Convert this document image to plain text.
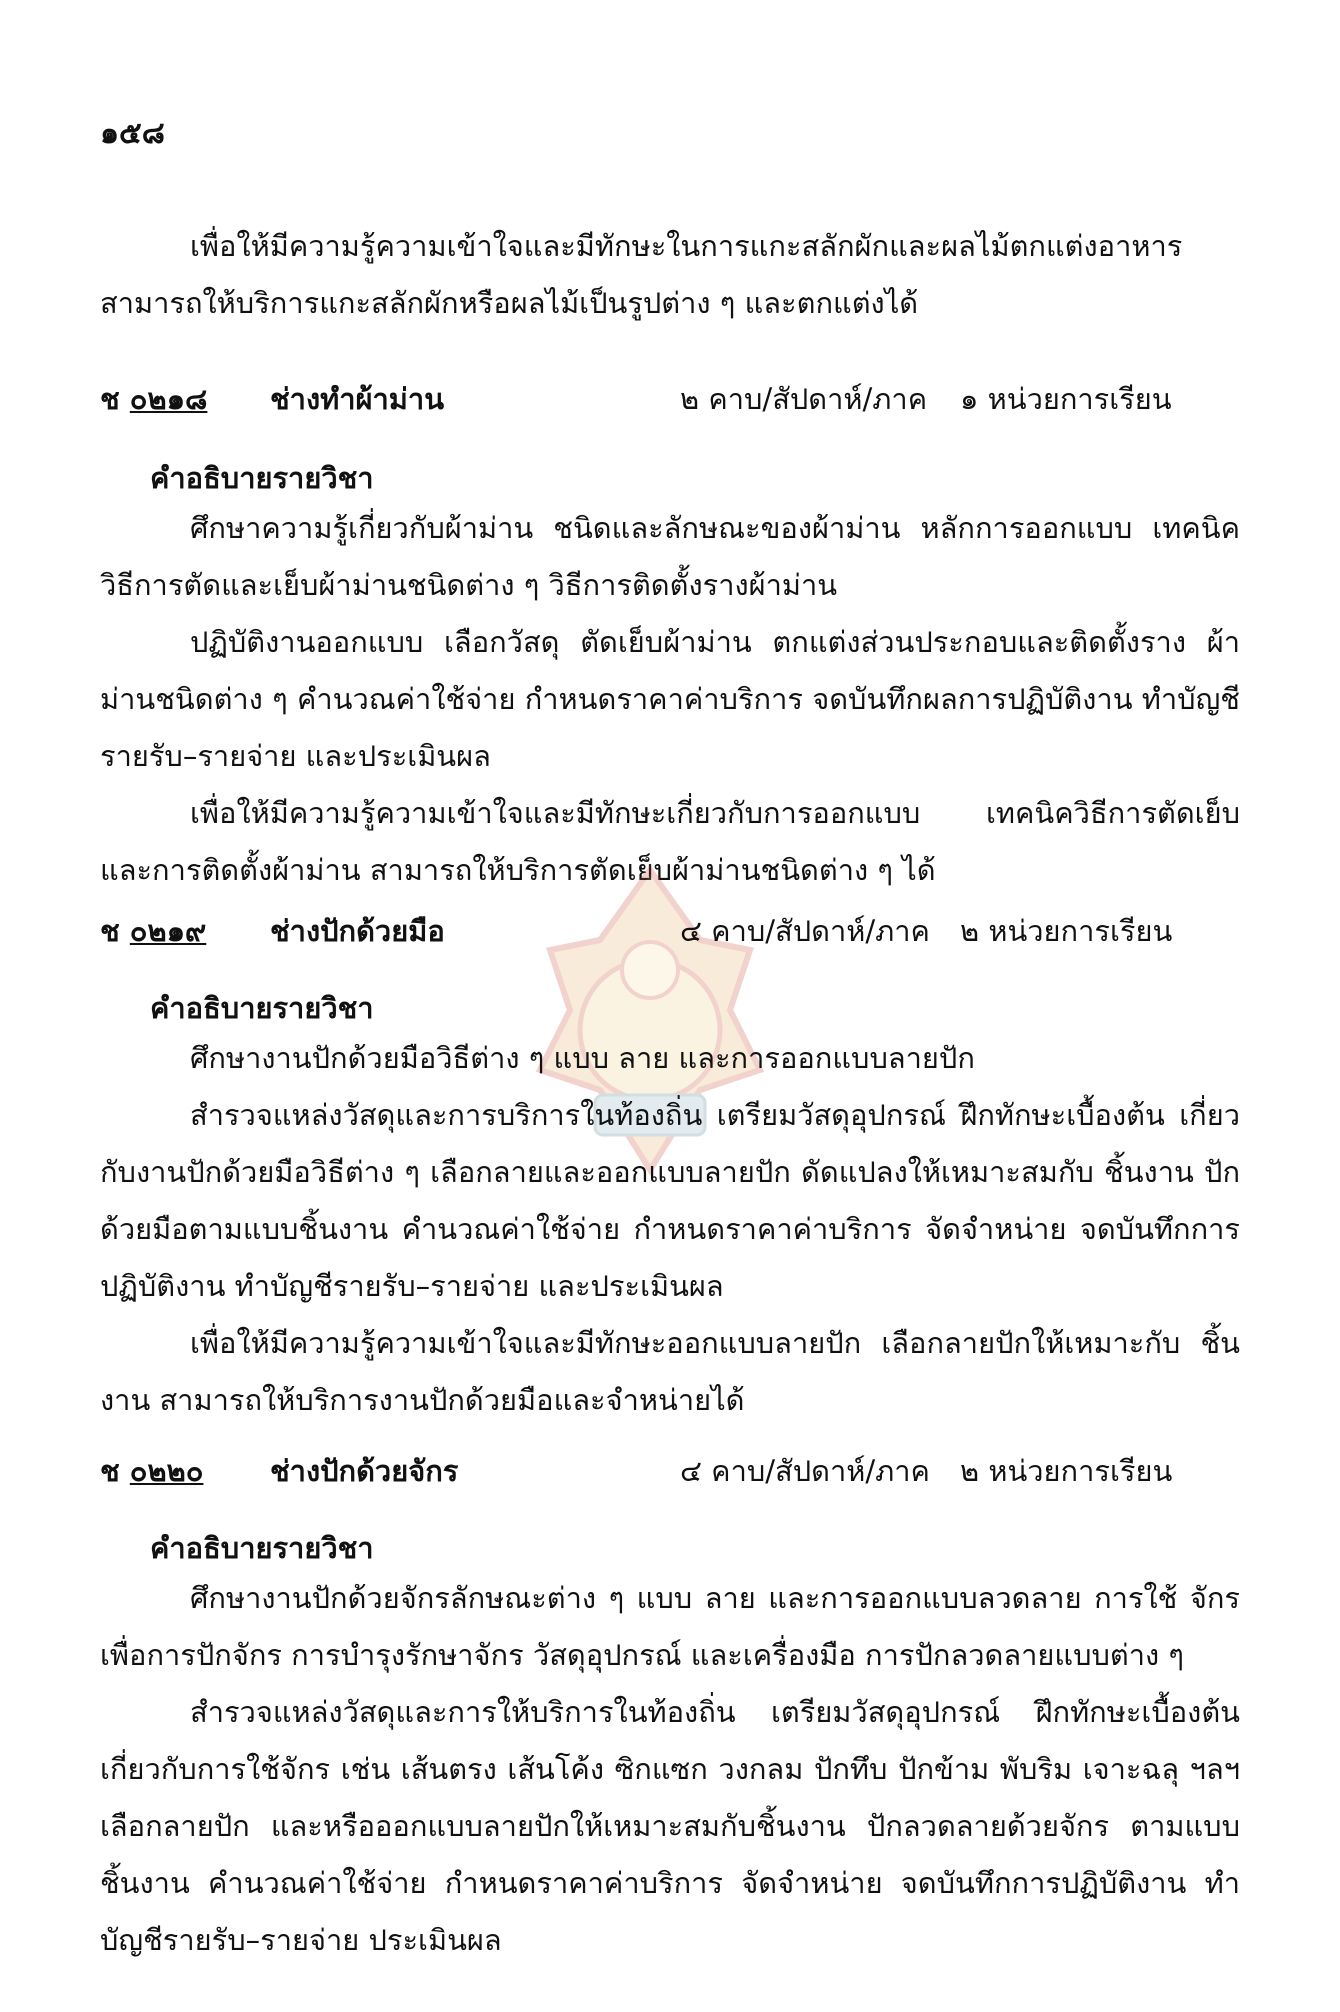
๑๕๘

เพื่อให้มีความรู้ความเข้าใจและมีทักษะในการแกะสลักผักและผลไม้ตกแต่งอาหาร สามารถให้บริการแกะสลักผักหรือผลไม้เป็นรูปต่าง ๆ และตกแต่งได้

ช ๐๒๑๘ ช่างทำผ้าม่าน	๒ คาบ/สัปดาห์/ภาค ๑ หน่วยการเรียน
คำอธิบายรายวิชา

ศึกษาความรู้เกี่ยวกับผ้าม่าน ชนิดและลักษณะของผ้าม่าน หลักการออกแบบ เทคนิค วิธีการตัดและเย็บผ้าม่านชนิดต่าง ๆ วิธีการติดตั้งรางผ้าม่าน

ปฏิบัติงานออกแบบ เลือกวัสดุ ตัดเย็บผ้าม่าน ตกแต่งส่วนประกอบและติดตั้งราง ผ้าม่านชนิดต่าง ๆ คำนวณค่าใช้จ่าย กำหนดราคาค่าบริการ จดบันทึกผลการปฏิบัติงาน ทำบัญชีรายรับ–รายจ่าย และประเมินผล

เพื่อให้มีความรู้ความเข้าใจและมีทักษะเกี่ยวกับการออกแบบ เทคนิควิธีการตัดเย็บ และการติดตั้งผ้าม่าน สามารถให้บริการตัดเย็บผ้าม่านชนิดต่าง ๆ ได้

ช ๐๒๑๙ ช่างปักด้วยมือ	๔ คาบ/สัปดาห์/ภาค ๒ หน่วยการเรียน
คำอธิบายรายวิชา

ศึกษางานปักด้วยมือวิธีต่าง ๆ แบบ ลาย และการออกแบบลายปัก

สำรวจแหล่งวัสดุและการบริการในท้องถิ่น เตรียมวัสดุอุปกรณ์ ฝึกทักษะเบื้องต้น เกี่ยวกับงานปักด้วยมือวิธีต่าง ๆ เลือกลายและออกแบบลายปัก ดัดแปลงให้เหมาะสมกับ ชิ้นงาน ปักด้วยมือตามแบบชิ้นงาน คำนวณค่าใช้จ่าย กำหนดราคาค่าบริการ จัดจำหน่าย จดบันทึกการปฏิบัติงาน ทำบัญชีรายรับ–รายจ่าย และประเมินผล

เพื่อให้มีความรู้ความเข้าใจและมีทักษะออกแบบลายปัก เลือกลายปักให้เหมาะกับ ชิ้นงาน สามารถให้บริการงานปักด้วยมือและจำหน่ายได้

ช ๐๒๒๐ ช่างปักด้วยจักร	๔ คาบ/สัปดาห์/ภาค ๒ หน่วยการเรียน
คำอธิบายรายวิชา

ศึกษางานปักด้วยจักรลักษณะต่าง ๆ แบบ ลาย และการออกแบบลวดลาย การใช้ จักรเพื่อการปักจักร การบำรุงรักษาจักร วัสดุอุปกรณ์ และเครื่องมือ การปักลวดลายแบบต่าง ๆ

สำรวจแหล่งวัสดุและการให้บริการในท้องถิ่น เตรียมวัสดุอุปกรณ์ ฝึกทักษะเบื้องต้น เกี่ยวกับการใช้จักร เช่น เส้นตรง เส้นโค้ง ซิกแซก วงกลม ปักทึบ ปักข้าม พับริม เจาะฉลุ ฯลฯ เลือกลายปัก และหรือออกแบบลายปักให้เหมาะสมกับชิ้นงาน ปักลวดลายด้วยจักร ตามแบบชิ้นงาน คำนวณค่าใช้จ่าย กำหนดราคาค่าบริการ จัดจำหน่าย จดบันทึกการปฏิบัติงาน ทำบัญชีรายรับ–รายจ่าย ประเมินผล
